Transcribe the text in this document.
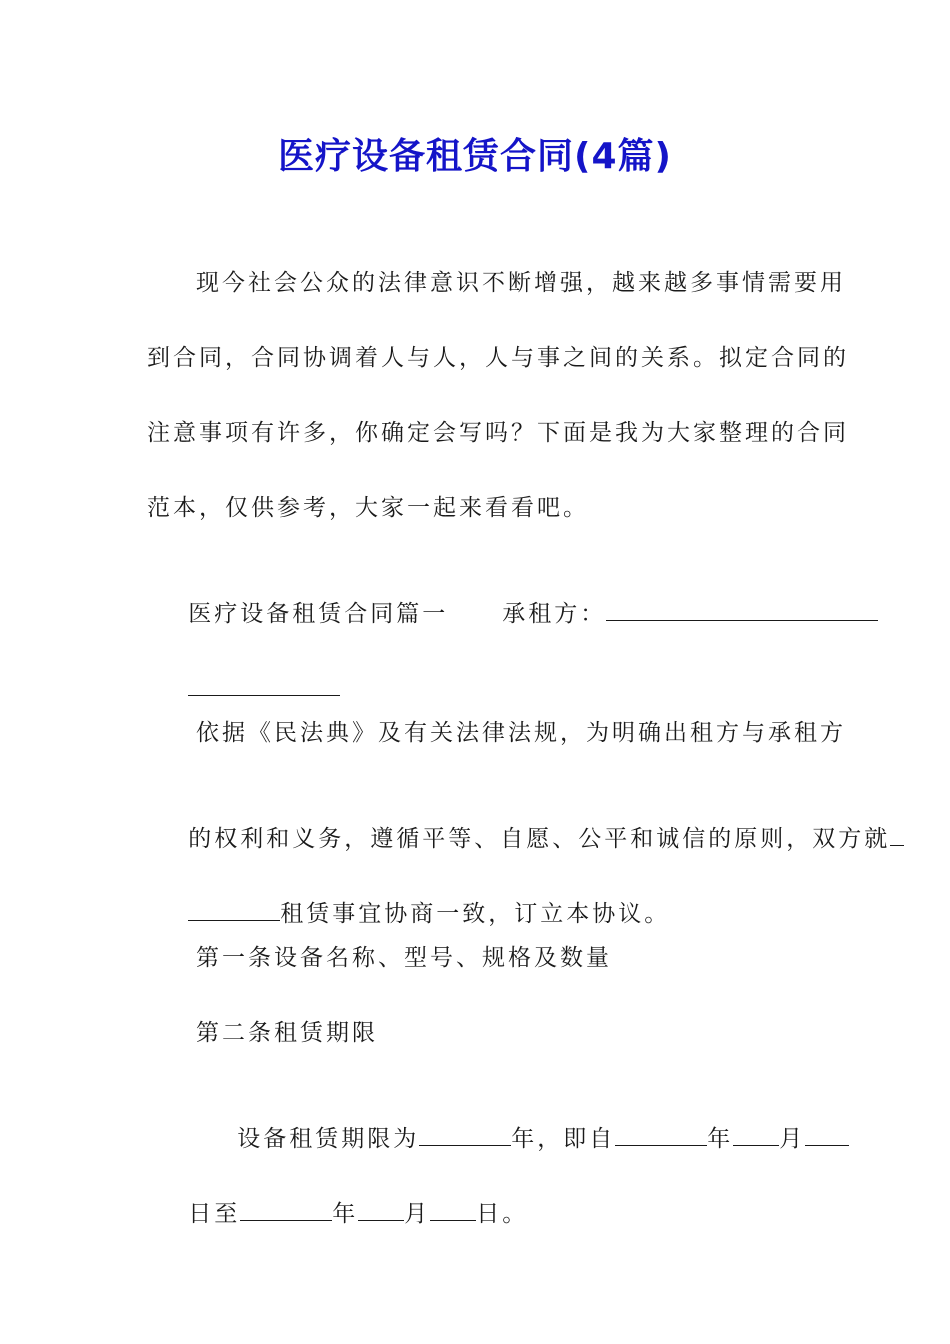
医疗设备租赁合同(4篇)
现今社会公众的法律意识不断增强，越来越多事情需要用
到合同，合同协调着人与人，人与事之间的关系。拟定合同的
注意事项有许多，你确定会写吗？下面是我为大家整理的合同
范本，仅供参考，大家一起来看看吧。

医疗设备租赁合同篇一 承租方：

依据《民法典》及有关法律法规，为明确出租方与承租方

的权利和义务，遵循平等、自愿、公平和诚信的原则，双方就

租赁事宜协商一致，订立本协议。

第一条设备名称、型号、规格及数量
第二条租赁期限

设备租赁期限为	年，即自	年 月

日至	年 月 日。
